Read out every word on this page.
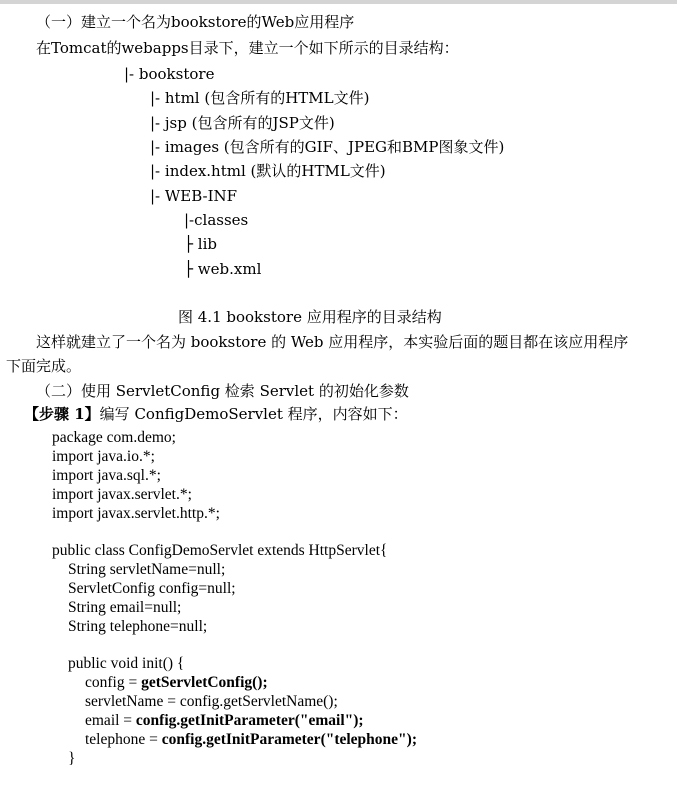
（一）建立一个名为bookstore的Web应用程序
在Tomcat的webapps目录下，建立一个如下所示的目录结构：
|- bookstore
|- html (包含所有的HTML文件)
|- jsp (包含所有的JSP文件)
|- images (包含所有的GIF、JPEG和BMP图象文件)
|- index.html (默认的HTML文件)
|- WEB-INF
|-classes
├ lib
├ web.xml
图 4.1 bookstore 应用程序的目录结构
这样就建立了一个名为 bookstore 的 Web 应用程序，本实验后面的题目都在该应用程序
下面完成。
（二）使用 ServletConfig 检索 Servlet 的初始化参数
【步骤 1】编写 ConfigDemoServlet 程序，内容如下：
package com.demo;
import java.io.*;
import java.sql.*;
import javax.servlet.*;
import javax.servlet.http.*;
public class ConfigDemoServlet extends HttpServlet{
String servletName=null;
ServletConfig config=null;
String email=null;
String telephone=null;
public void init() {
config = getServletConfig();
servletName = config.getServletName();
email = config.getInitParameter("email");
telephone = config.getInitParameter("telephone");
}
